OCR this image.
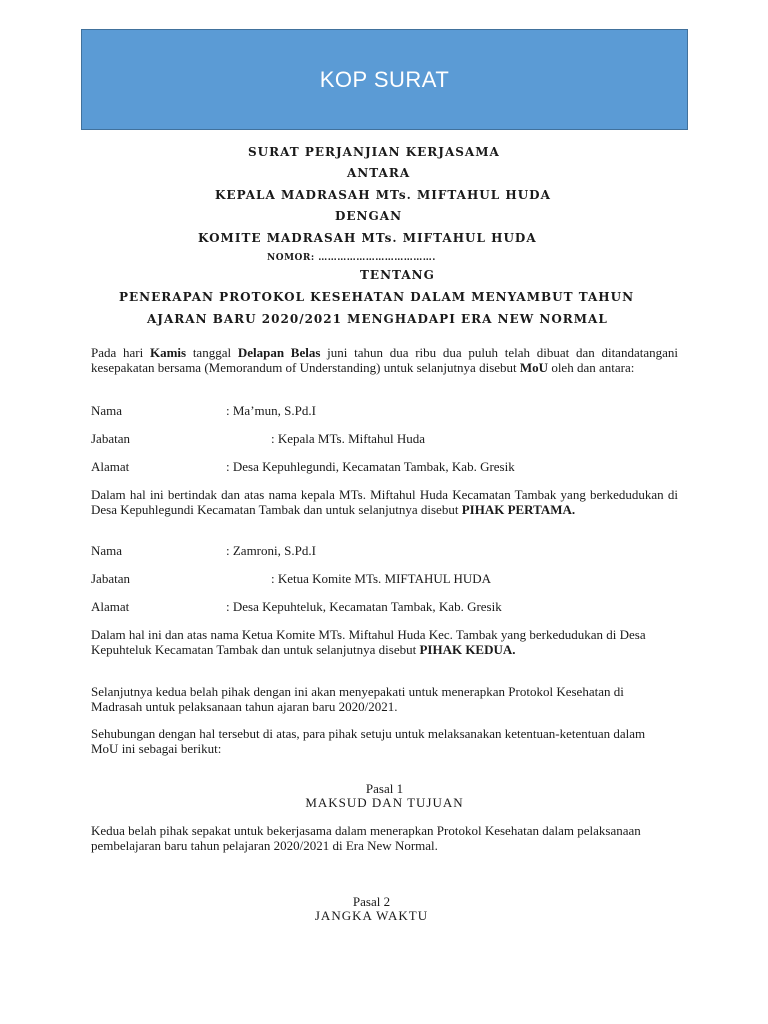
KOP SURAT
SURAT PERJANJIAN KERJASAMA
ANTARA
KEPALA MADRASAH MTs. MIFTAHUL HUDA
DENGAN
KOMITE MADRASAH MTs. MIFTAHUL HUDA
NOMOR: ……………………………….
TENTANG
PENERAPAN PROTOKOL KESEHATAN DALAM MENYAMBUT TAHUN
AJARAN BARU 2020/2021 MENGHADAPI ERA NEW NORMAL
Pada hari Kamis tanggal Delapan Belas juni tahun dua ribu dua puluh telah dibuat dan ditandatangani kesepakatan bersama (Memorandum of Understanding) untuk selanjutnya disebut MoU oleh dan antara:
Nama	: Ma’mun, S.Pd.I
Jabatan	: Kepala MTs. Miftahul Huda
Alamat	: Desa Kepuhlegundi, Kecamatan Tambak, Kab. Gresik
Dalam hal ini bertindak dan atas nama kepala MTs. Miftahul Huda Kecamatan Tambak yang berkedudukan di Desa Kepuhlegundi Kecamatan Tambak dan untuk selanjutnya disebut PIHAK PERTAMA.
Nama	: Zamroni, S.Pd.I
Jabatan	: Ketua Komite MTs. MIFTAHUL HUDA
Alamat	: Desa Kepuhteluk, Kecamatan Tambak, Kab. Gresik
Dalam hal ini dan atas nama Ketua Komite MTs. Miftahul Huda Kec. Tambak yang berkedudukan di Desa Kepuhteluk Kecamatan Tambak dan untuk selanjutnya disebut PIHAK KEDUA.
Selanjutnya kedua belah pihak dengan ini akan menyepakati untuk menerapkan Protokol Kesehatan di Madrasah untuk pelaksanaan tahun ajaran baru 2020/2021.
Sehubungan dengan hal tersebut di atas, para pihak setuju untuk melaksanakan ketentuan-ketentuan dalam MoU ini sebagai berikut:
Pasal 1
MAKSUD DAN TUJUAN
Kedua belah pihak sepakat untuk bekerjasama dalam menerapkan Protokol Kesehatan dalam pelaksanaan pembelajaran baru tahun pelajaran 2020/2021 di Era New Normal.
Pasal 2
JANGKA WAKTU
